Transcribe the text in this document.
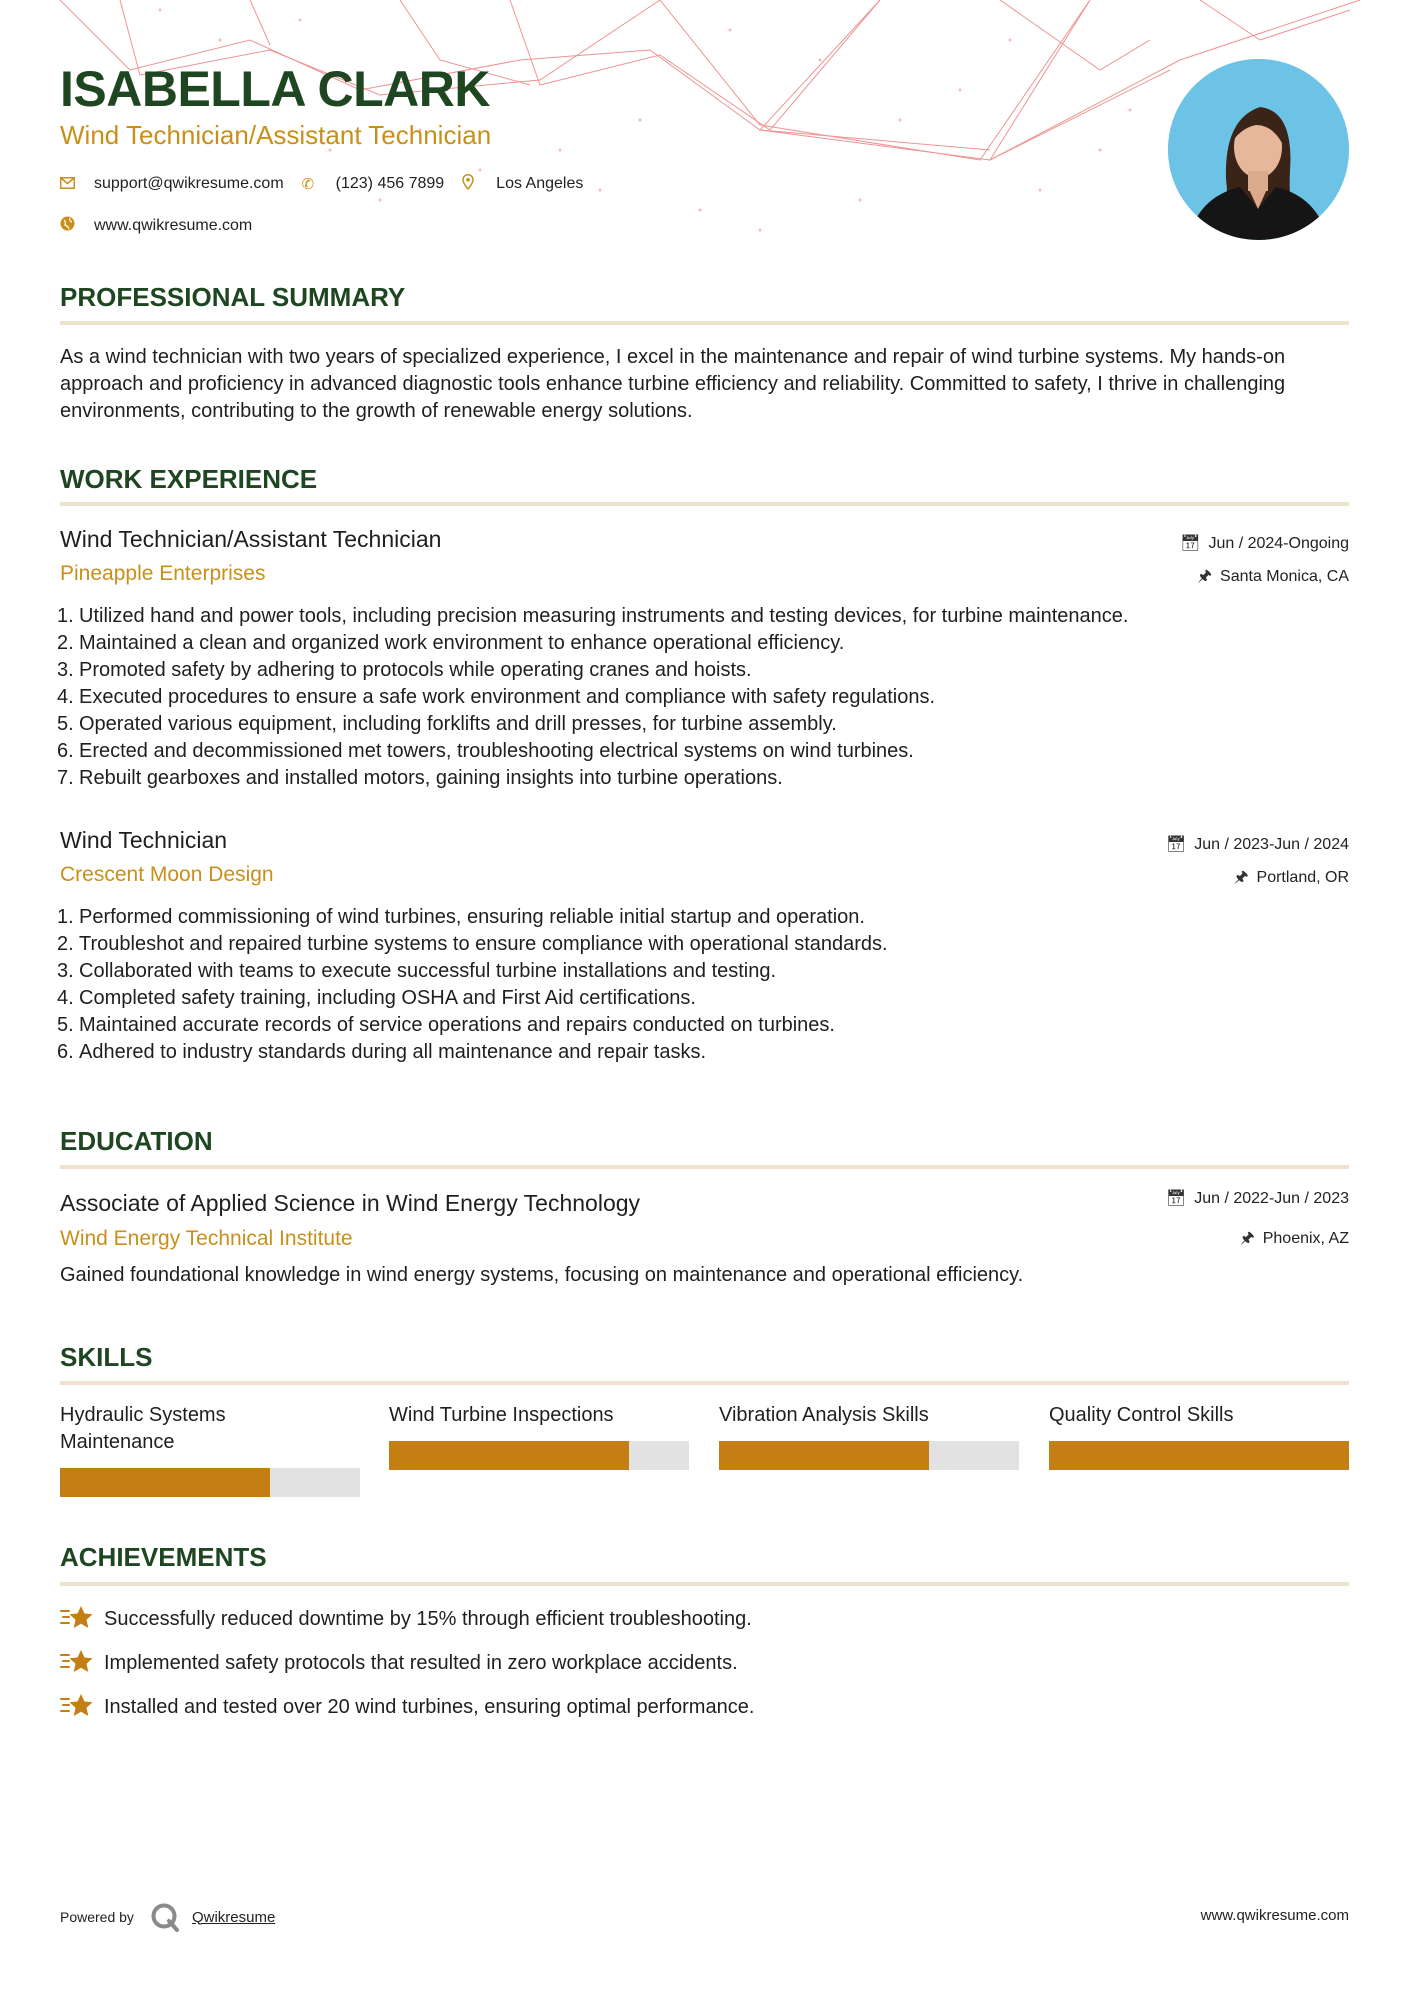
ISABELLA CLARK
Wind Technician/Assistant Technician
support@qwikresume.com ✆	(123) 456 7899	Los Angeles
www.qwikresume.com
PROFESSIONAL SUMMARY
As a wind technician with two years of specialized experience, I excel in the maintenance and repair of wind turbine systems. My hands-on approach and proficiency in advanced diagnostic tools enhance turbine efficiency and reliability. Committed to safety, I thrive in challenging environments, contributing to the growth of renewable energy solutions.
WORK EXPERIENCE
Wind Technician/Assistant Technician
Pineapple Enterprises
📅︎ Jun / 2024-Ongoing
🖈︎ Santa Monica, CA
1. Utilized hand and power tools, including precision measuring instruments and testing devices, for turbine maintenance.
2. Maintained a clean and organized work environment to enhance operational efficiency.
3. Promoted safety by adhering to protocols while operating cranes and hoists.
4. Executed procedures to ensure a safe work environment and compliance with safety regulations.
5. Operated various equipment, including forklifts and drill presses, for turbine assembly.
6. Erected and decommissioned met towers, troubleshooting electrical systems on wind turbines.
7. Rebuilt gearboxes and installed motors, gaining insights into turbine operations.
Wind Technician
Crescent Moon Design
📅︎ Jun / 2023-Jun / 2024
🖈︎ Portland, OR
1. Performed commissioning of wind turbines, ensuring reliable initial startup and operation.
2. Troubleshot and repaired turbine systems to ensure compliance with operational standards.
3. Collaborated with teams to execute successful turbine installations and testing.
4. Completed safety training, including OSHA and First Aid certifications.
5. Maintained accurate records of service operations and repairs conducted on turbines.
6. Adhered to industry standards during all maintenance and repair tasks.
EDUCATION
Associate of Applied Science in Wind Energy Technology
Wind Energy Technical Institute
📅︎ Jun / 2022-Jun / 2023
🖈︎ Phoenix, AZ
Gained foundational knowledge in wind energy systems, focusing on maintenance and operational efficiency.
SKILLS
Hydraulic Systems Maintenance
Wind Turbine Inspections	Vibration Analysis Skills	Quality Control Skills
ACHIEVEMENTS
Successfully reduced downtime by 15% through efficient troubleshooting.
Implemented safety protocols that resulted in zero workplace accidents.
Installed and tested over 20 wind turbines, ensuring optimal performance.
Powered by	Qwikresume	www.qwikresume.com
